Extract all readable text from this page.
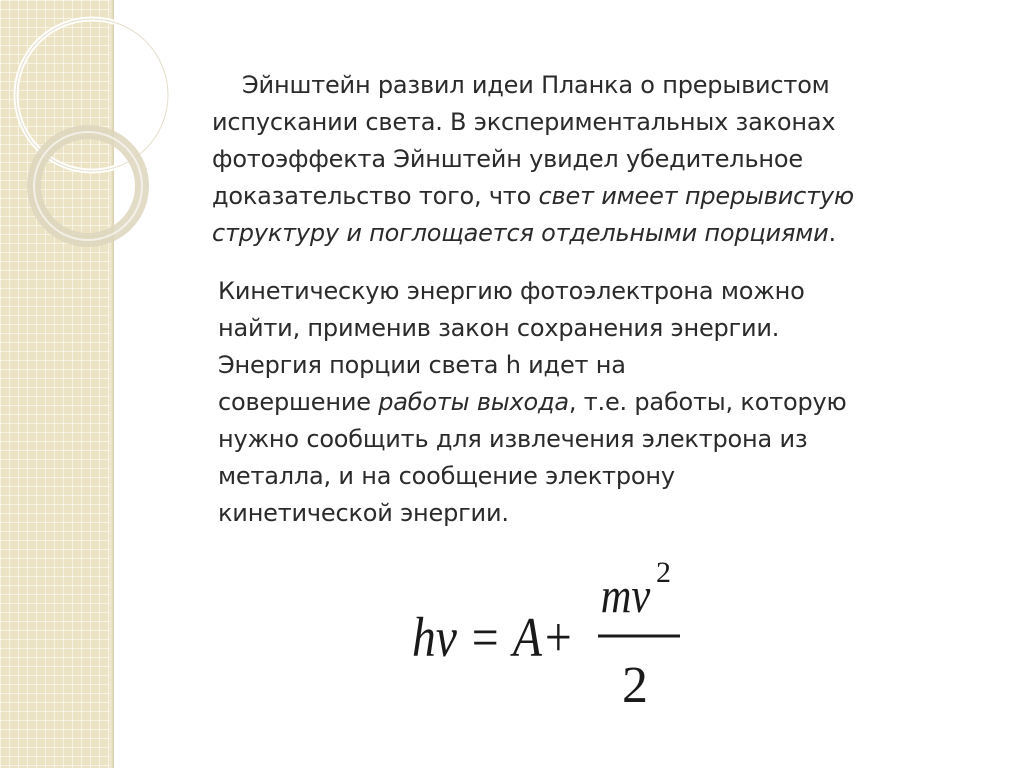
Эйнштейн развил идеи Планка о прерывистом
испускании света. В экспериментальных законах
фотоэффекта Эйнштейн увидел убедительное
доказательство того, что свет имеет прерывистую
структуру и поглощается отдельными порциями.
Кинетическую энергию фотоэлектрона можно
найти, применив закон сохранения энергии.
Энергия порции света h идет на
совершение работы выхода, т.е. работы, которую
нужно сообщить для извлечения электрона из
металла, и на сообщение электрону
кинетической энергии.
hν = A+
mv 2
2
